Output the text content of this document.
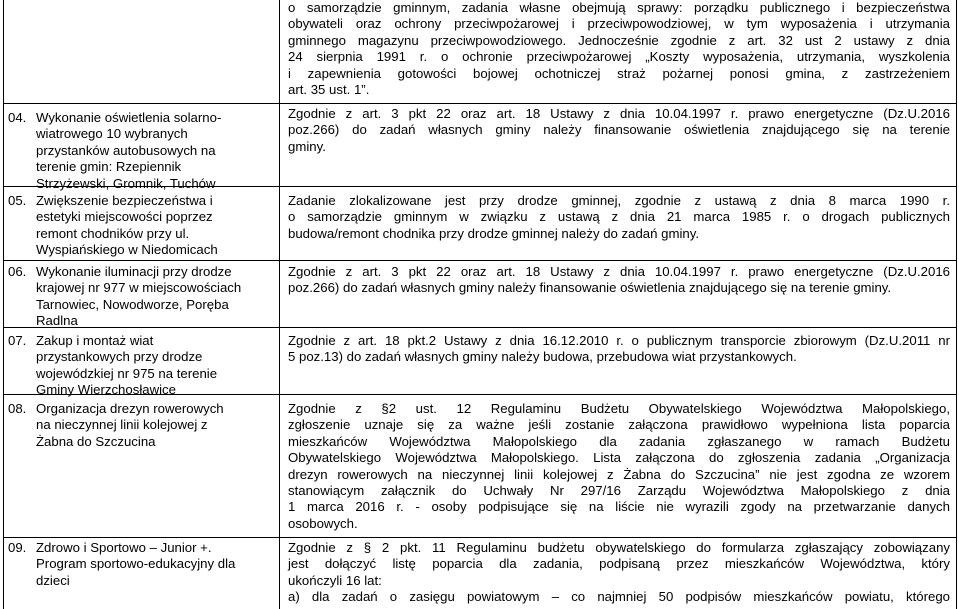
o samorządzie gminnym, zadania własne obejmują sprawy: porządku publicznego i bezpieczeństwa
obywateli oraz ochrony przeciwpożarowej i przeciwpowodziowej, w tym wyposażenia i utrzymania
gminnego magazynu przeciwpowodziowego. Jednocześnie zgodnie z art. 32 ust 2 ustawy z dnia
24 sierpnia 1991 r. o ochronie przeciwpożarowej „Koszty wyposażenia, utrzymania, wyszkolenia
i zapewnienia gotowości bojowej ochotniczej straż pożarnej ponosi gmina, z zastrzeżeniem
art. 35 ust. 1”.
04. Wykonanie oświetlenia solarno-
wiatrowego 10 wybranych
przystanków autobusowych na
terenie gmin: Rzepiennik
Strzyżewski, Gromnik, Tuchów
Zgodnie z art. 3 pkt 22 oraz art. 18 Ustawy z dnia 10.04.1997 r. prawo energetyczne (Dz.U.2016
poz.266) do zadań własnych gminy należy finansowanie oświetlenia znajdującego się na terenie
gminy.
05. Zwiększenie bezpieczeństwa i
estetyki miejscowości poprzez
remont chodników przy ul.
Wyspiańskiego w Niedomicach
Zadanie zlokalizowane jest przy drodze gminnej, zgodnie z ustawą z dnia 8 marca 1990 r.
o samorządzie gminnym w związku z ustawą z dnia 21 marca 1985 r. o drogach publicznych
budowa/remont chodnika przy drodze gminnej należy do zadań gminy.
06. Wykonanie iluminacji przy drodze
krajowej nr 977 w miejscowościach
Tarnowiec, Nowodworze, Poręba
Radlna
Zgodnie z art. 3 pkt 22 oraz art. 18 Ustawy z dnia 10.04.1997 r. prawo energetyczne (Dz.U.2016
poz.266) do zadań własnych gminy należy finansowanie oświetlenia znajdującego się na terenie gminy.
07. Zakup i montaż wiat
przystankowych przy drodze
wojewódzkiej nr 975 na terenie
Gminy Wierzchosławice
Zgodnie z art. 18 pkt.2 Ustawy z dnia 16.12.2010 r. o publicznym transporcie zbiorowym (Dz.U.2011 nr
5 poz.13) do zadań własnych gminy należy budowa, przebudowa wiat przystankowych.
08. Organizacja drezyn rowerowych
na nieczynnej linii kolejowej z
Żabna do Szczucina
Zgodnie z §2 ust. 12 Regulaminu Budżetu Obywatelskiego Województwa Małopolskiego,
zgłoszenie uznaje się za ważne jeśli zostanie załączona prawidłowo wypełniona lista poparcia
mieszkańców Województwa Małopolskiego dla zadania zgłaszanego w ramach Budżetu
Obywatelskiego Województwa Małopolskiego. Lista załączona do zgłoszenia zadania „Organizacja
drezyn rowerowych na nieczynnej linii kolejowej z Żabna do Szczucina” nie jest zgodna ze wzorem
stanowiącym załącznik do Uchwały Nr 297/16 Zarządu Województwa Małopolskiego z dnia
1 marca 2016 r. - osoby podpisujące się na liście nie wyrazili zgody na przetwarzanie danych
osobowych.
09. Zdrowo i Sportowo – Junior +.
Program sportowo-edukacyjny dla
dzieci
Zgodnie z § 2 pkt. 11 Regulaminu budżetu obywatelskiego do formularza zgłaszający zobowiązany
jest dołączyć listę poparcia dla zadania, podpisaną przez mieszkańców Województwa, który
ukończyli 16 lat:
a) dla zadań o zasięgu powiatowym – co najmniej 50 podpisów mieszkańców powiatu, którego
